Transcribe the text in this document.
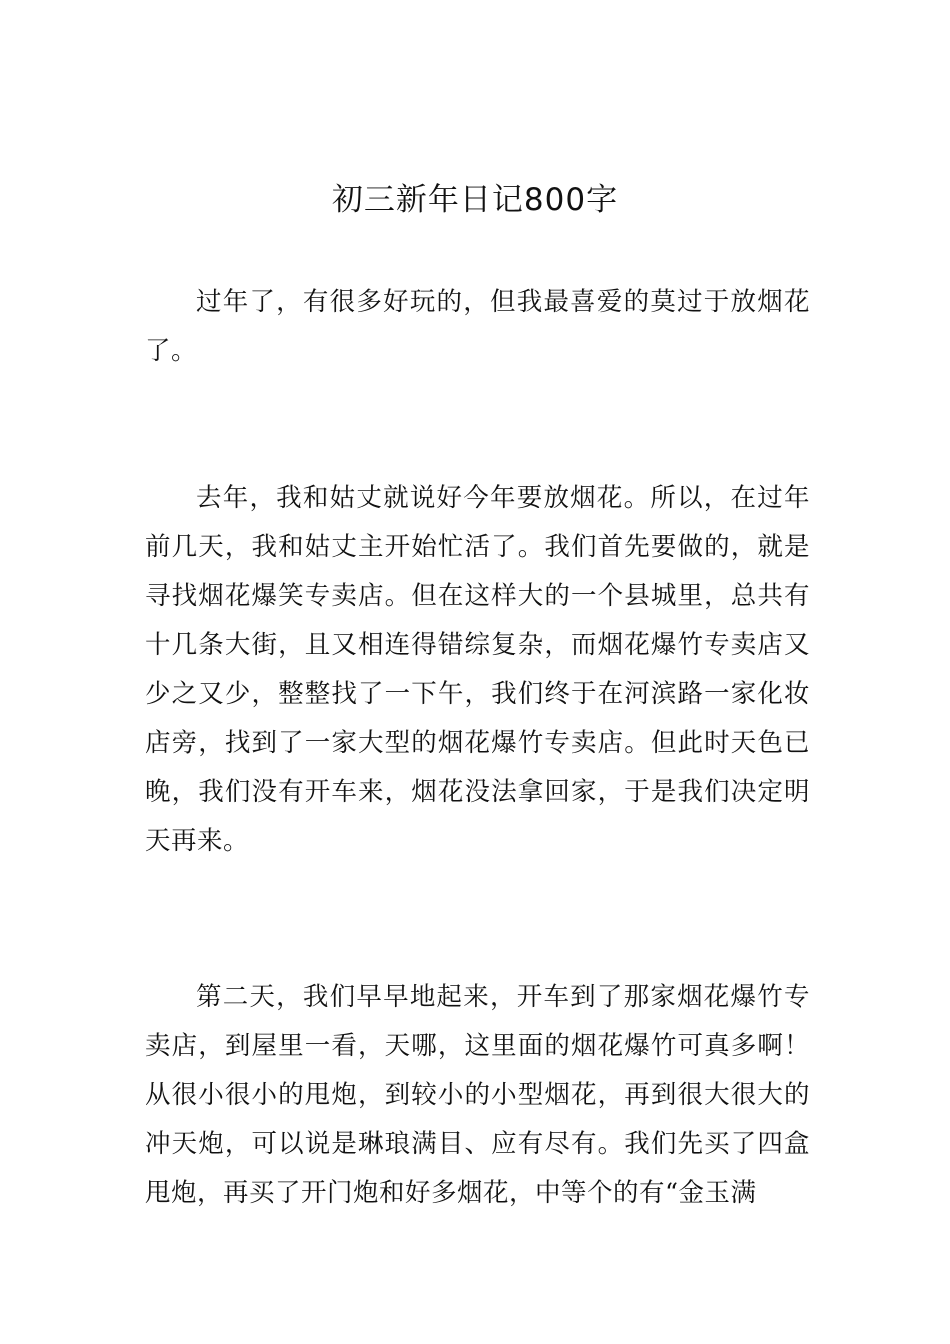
初三新年日记800字

过年了，有很多好玩的，但我最喜爱的莫过于放烟花了。

去年，我和姑丈就说好今年要放烟花。所以，在过年前几天，我和姑丈主开始忙活了。我们首先要做的，就是寻找烟花爆笑专卖店。但在这样大的一个县城里，总共有十几条大街，且又相连得错综复杂，而烟花爆竹专卖店又少之又少，整整找了一下午，我们终于在河滨路一家化妆店旁，找到了一家大型的烟花爆竹专卖店。但此时天色已晚，我们没有开车来，烟花没法拿回家，于是我们决定明天再来。

第二天，我们早早地起来，开车到了那家烟花爆竹专卖店，到屋里一看，天哪，这里面的烟花爆竹可真多啊！从很小很小的甩炮，到较小的小型烟花，再到很大很大的冲天炮，可以说是琳琅满目、应有尽有。我们先买了四盒甩炮，再买了开门炮和好多烟花，中等个的有“金玉满
